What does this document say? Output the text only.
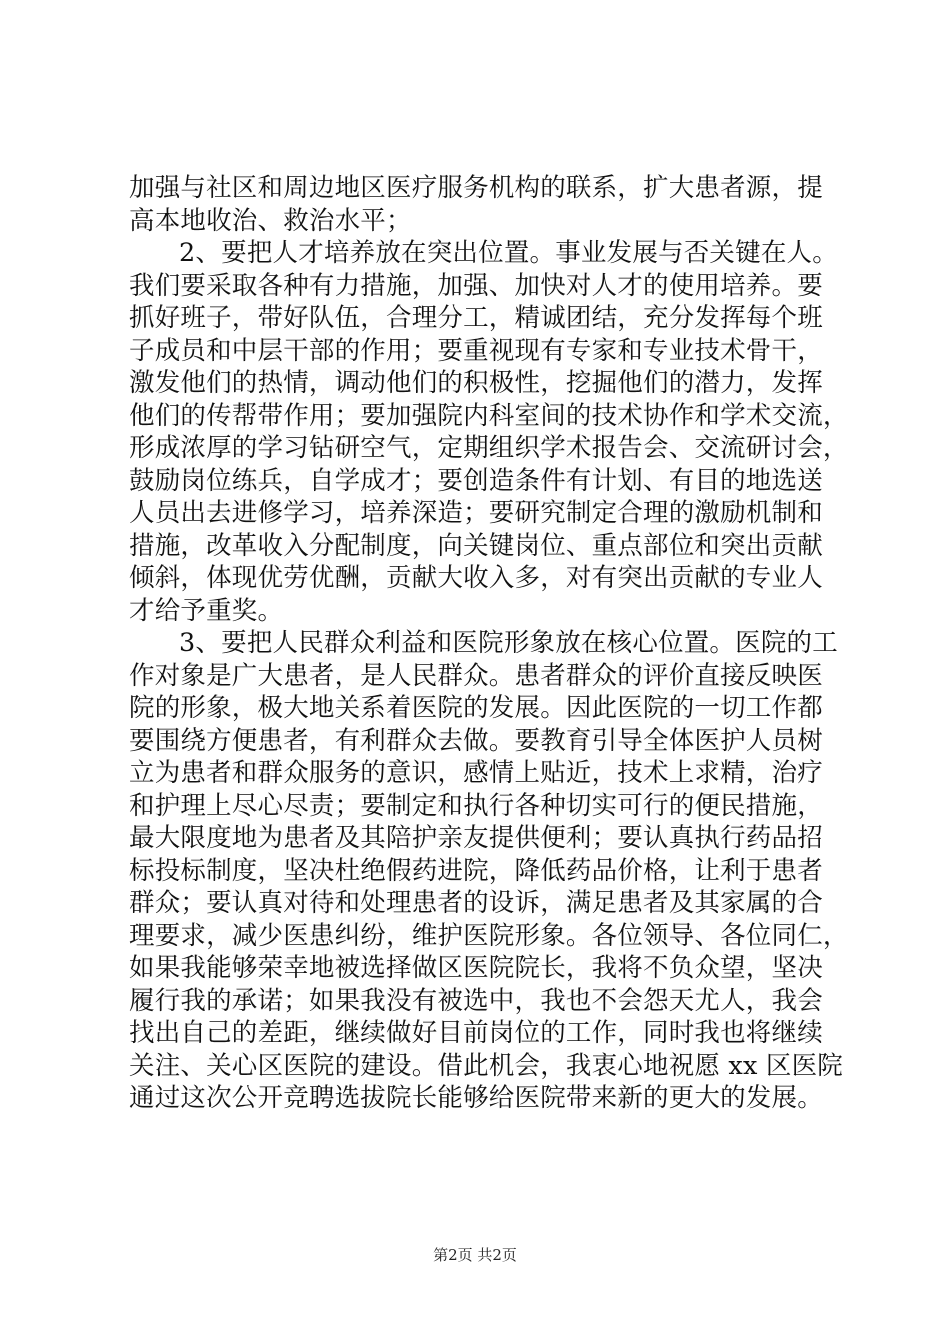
加强与社区和周边地区医疗服务机构的联系，扩大患者源，提
高本地收治、救治水平；

2、要把人才培养放在突出位置。事业发展与否关键在人。
我们要采取各种有力措施，加强、加快对人才的使用培养。要
抓好班子，带好队伍，合理分工，精诚团结，充分发挥每个班
子成员和中层干部的作用；要重视现有专家和专业技术骨干，
激发他们的热情，调动他们的积极性，挖掘他们的潜力，发挥
他们的传帮带作用；要加强院内科室间的技术协作和学术交流，
形成浓厚的学习钻研空气，定期组织学术报告会、交流研讨会，
鼓励岗位练兵，自学成才；要创造条件有计划、有目的地选送
人员出去进修学习，培养深造；要研究制定合理的激励机制和
措施，改革收入分配制度，向关键岗位、重点部位和突出贡献
倾斜，体现优劳优酬，贡献大收入多，对有突出贡献的专业人
才给予重奖。

3、要把人民群众利益和医院形象放在核心位置。医院的工
作对象是广大患者，是人民群众。患者群众的评价直接反映医
院的形象，极大地关系着医院的发展。因此医院的一切工作都
要围绕方便患者，有利群众去做。要教育引导全体医护人员树
立为患者和群众服务的意识，感情上贴近，技术上求精，治疗
和护理上尽心尽责；要制定和执行各种切实可行的便民措施，
最大限度地为患者及其陪护亲友提供便利；要认真执行药品招
标投标制度，坚决杜绝假药进院，降低药品价格，让利于患者
群众；要认真对待和处理患者的设诉，满足患者及其家属的合
理要求，减少医患纠纷，维护医院形象。各位领导、各位同仁，
如果我能够荣幸地被选择做区医院院长，我将不负众望，坚决
履行我的承诺；如果我没有被选中，我也不会怨天尤人，我会
找出自己的差距，继续做好目前岗位的工作，同时我也将继续
关注、关心区医院的建设。借此机会，我衷心地祝愿 xx 区医院
通过这次公开竞聘选拔院长能够给医院带来新的更大的发展。

第2页 共2页
